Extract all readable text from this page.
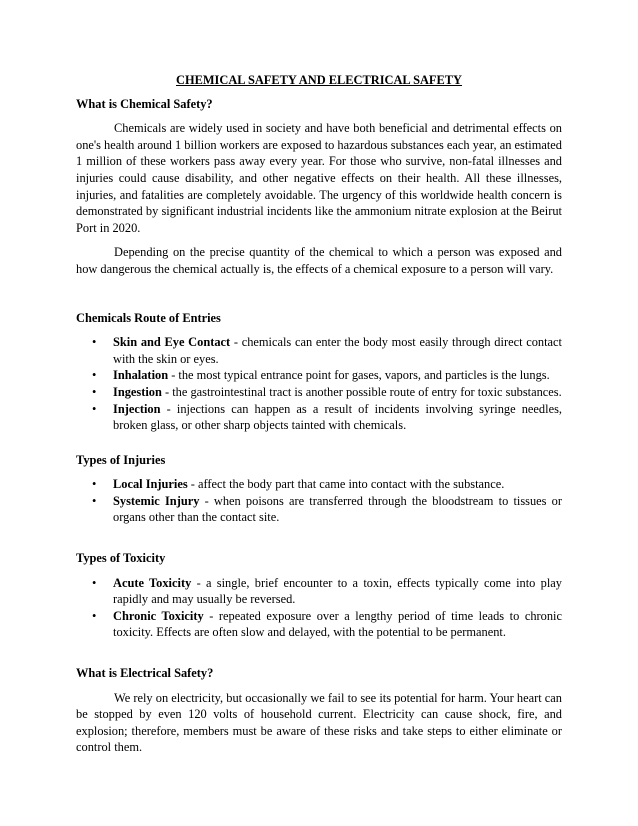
CHEMICAL SAFETY AND ELECTRICAL SAFETY
What is Chemical Safety?

Chemicals are widely used in society and have both beneficial and detrimental effects on one's health around 1 billion workers are exposed to hazardous substances each year, an estimated 1 million of these workers pass away every year. For those who survive, non-fatal illnesses and injuries could cause disability, and other negative effects on their health. All these illnesses, injuries, and fatalities are completely avoidable. The urgency of this worldwide health concern is demonstrated by significant industrial incidents like the ammonium nitrate explosion at the Beirut Port in 2020.

Depending on the precise quantity of the chemical to which a person was exposed and how dangerous the chemical actually is, the effects of a chemical exposure to a person will vary.

Chemicals Route of Entries
• Skin and Eye Contact - chemicals can enter the body most easily through direct contact with the skin or eyes.
• Inhalation - the most typical entrance point for gases, vapors, and particles is the lungs.
• Ingestion - the gastrointestinal tract is another possible route of entry for toxic substances.
• Injection - injections can happen as a result of incidents involving syringe needles, broken glass, or other sharp objects tainted with chemicals.
Types of Injuries
• Local Injuries - affect the body part that came into contact with the substance.
• Systemic Injury - when poisons are transferred through the bloodstream to tissues or organs other than the contact site.
Types of Toxicity
• Acute Toxicity - a single, brief encounter to a toxin, effects typically come into play rapidly and may usually be reversed.
• Chronic Toxicity - repeated exposure over a lengthy period of time leads to chronic toxicity. Effects are often slow and delayed, with the potential to be permanent.
What is Electrical Safety?

We rely on electricity, but occasionally we fail to see its potential for harm. Your heart can be stopped by even 120 volts of household current. Electricity can cause shock, fire, and explosion; therefore, members must be aware of these risks and take steps to either eliminate or control them.
